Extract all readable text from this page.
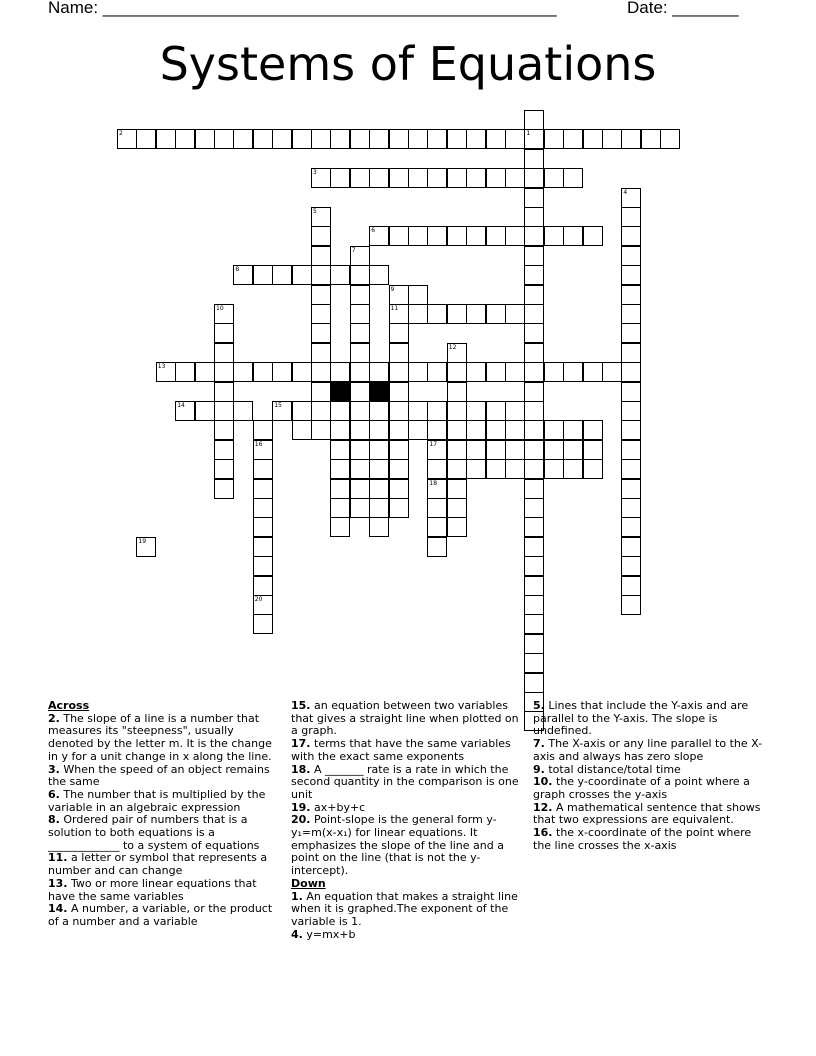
Name: ________________________________________________	Date: _______
Systems of Equations
1
2
3
4
5
6
7
8
9
11
10
12
13
14	15
16	17
18
20
19
Across
2. The slope of a line is a number that measures its "steepness", usually denoted by the letter m. It is the change in y for a unit change in x along the line.
3. When the speed of an object remains the same
6. The number that is multiplied by the variable in an algebraic expression
8. Ordered pair of numbers that is a solution to both equations is a _____________ to a system of equations
11. a letter or symbol that represents a number and can change
13. Two or more linear equations that have the same variables
14. A number, a variable, or the product of a number and a variable
15. an equation between two variables that gives a straight line when plotted on a graph.
17. terms that have the same variables with the exact same exponents
18. A _______ rate is a rate in which the second quantity in the comparison is one unit
19. ax+by+c
20. Point-slope is the general form y-y₁=m(x-x₁) for linear equations. It emphasizes the slope of the line and a point on the line (that is not the y-intercept).
Down
1. An equation that makes a straight line when it is graphed.The exponent of the variable is 1.
4. y=mx+b
5. Lines that include the Y-axis and are parallel to the Y-axis. The slope is undefined.
7. The X-axis or any line parallel to the X-axis and always has zero slope
9. total distance/total time
10. the y-coordinate of a point where a graph crosses the y-axis
12. A mathematical sentence that shows that two expressions are equivalent.
16. the x-coordinate of the point where the line crosses the x-axis
